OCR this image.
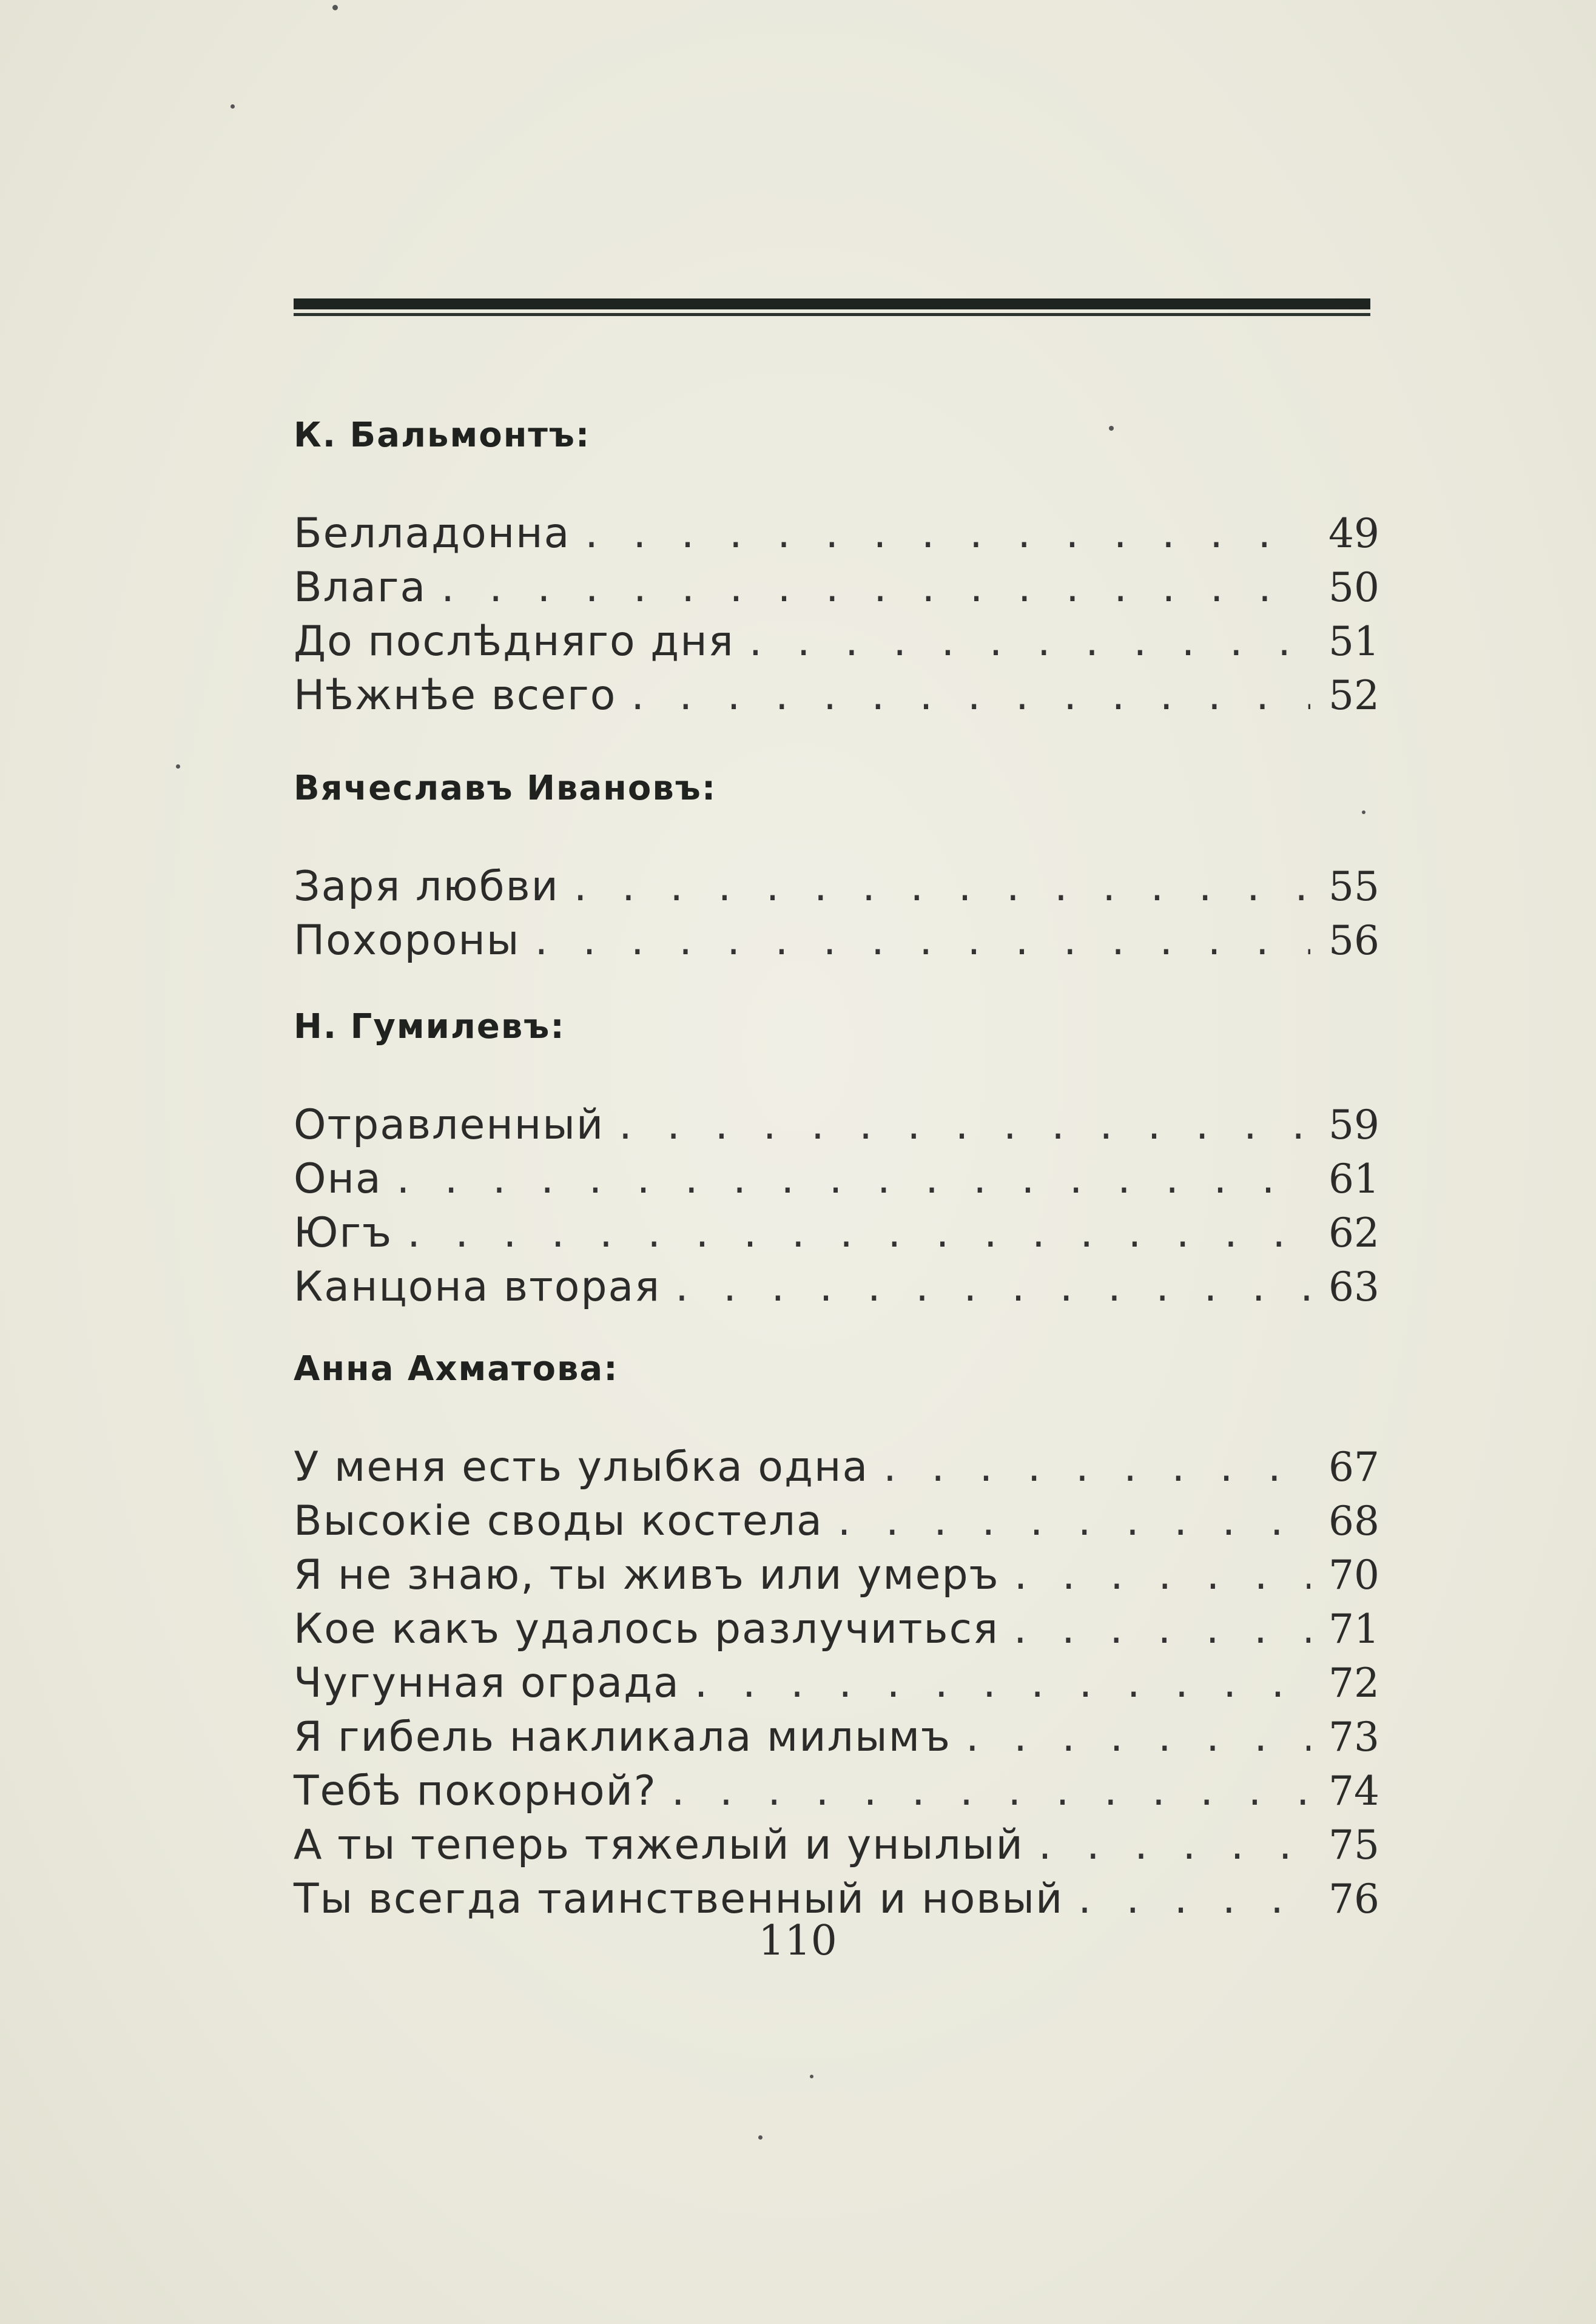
К. Бальмонтъ:
Белладонна . . .	49
Влага . . .	50
До послѣдняго дня . . .	51
Нѣжнѣе всего . . .	52
Вячеславъ Ивановъ:
Заря любви . . .	55
Похороны . . .	56
Н. Гумилевъ:
Отравленный . . .	59
Она . . .	61
Югъ . . .	62
Канцона вторая . . .	63
Анна Ахматова:
У меня есть улыбка одна . . .	67
Высокiе своды костела . . .	68
Я не знаю, ты живъ или умеръ . . .	70
Кое какъ удалось разлучиться . . .	71
Чугунная ограда . . .	72
Я гибель накликала милымъ . . .	73
Тебѣ покорной? . . .	74
А ты теперь тяжелый и унылый . . .	75
Ты всегда таинственный и новый . . .	76
110
